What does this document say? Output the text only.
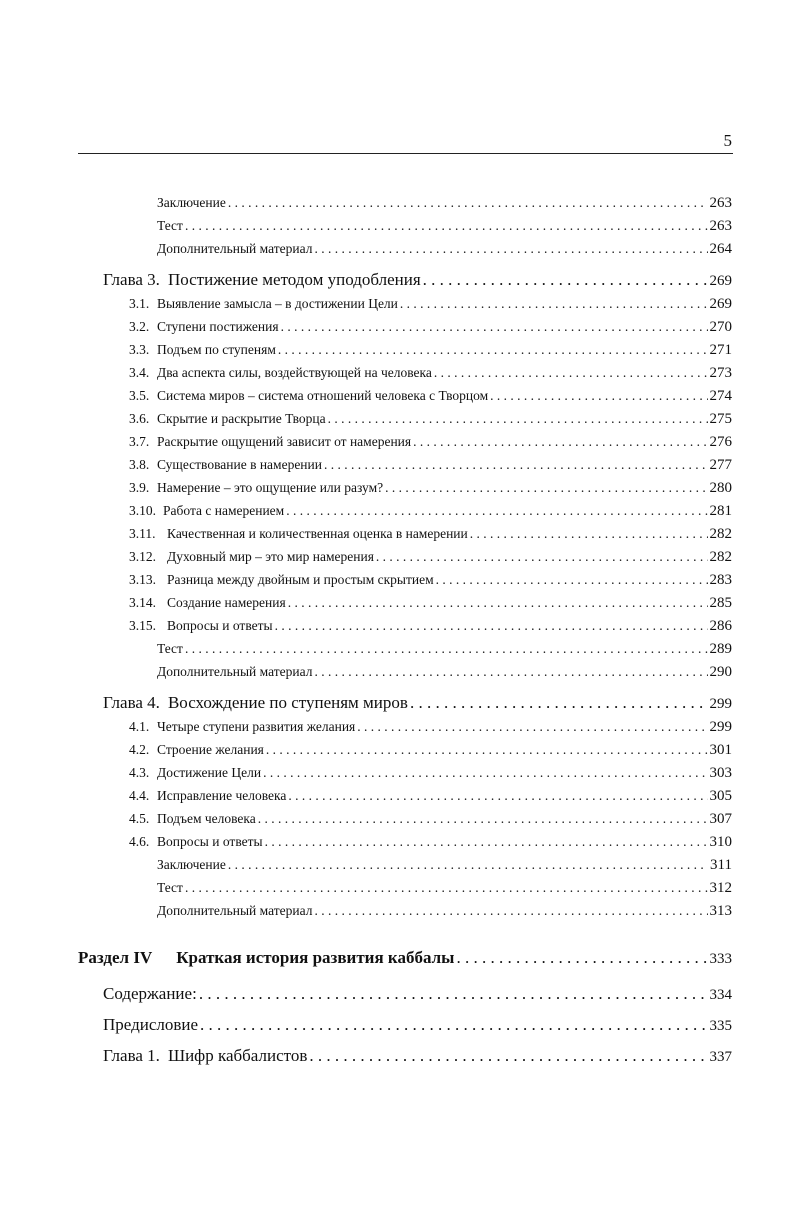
5
Заключение . . .	263
Тест . . .	263
Дополнительный материал . . .	264
Глава 3. Постижение методом уподобления . . .	269
3.1. Выявление замысла – в достижении Цели . . .	269
3.2. Ступени постижения . . .	270
3.3. Подъем по ступеням . . .	271
3.4. Два аспекта силы, воздействующей на человека . . .	273
3.5. Система миров – система отношений человека с Творцом . . .	274
3.6. Скрытие и раскрытие Творца . . .	275
3.7. Раскрытие ощущений зависит от намерения . . .	276
3.8. Существование в намерении . . .	277
3.9. Намерение – это ощущение или разум? . . .	280
3.10. Работа с намерением . . .	281
3.11. Качественная и количественная оценка в намерении . . .	282
3.12. Духовный мир – это мир намерения . . .	282
3.13. Разница между двойным и простым скрытием . . .	283
3.14. Создание намерения . . .	285
3.15. Вопросы и ответы . . .	286
Тест . . .	289
Дополнительный материал . . .	290
Глава 4. Восхождение по ступеням миров . . .	299
4.1. Четыре ступени развития желания . . .	299
4.2. Строение желания . . .	301
4.3. Достижение Цели . . .	303
4.4. Исправление человека . . .	305
4.5. Подъем человека . . .	307
4.6. Вопросы и ответы . . .	310
Заключение . . .	311
Тест . . .	312
Дополнительный материал . . .	313
Раздел IV Краткая история развития каббалы . . .	333
Содержание: . . .	334
Предисловие . . .	335
Глава 1. Шифр каббалистов . . .	337
